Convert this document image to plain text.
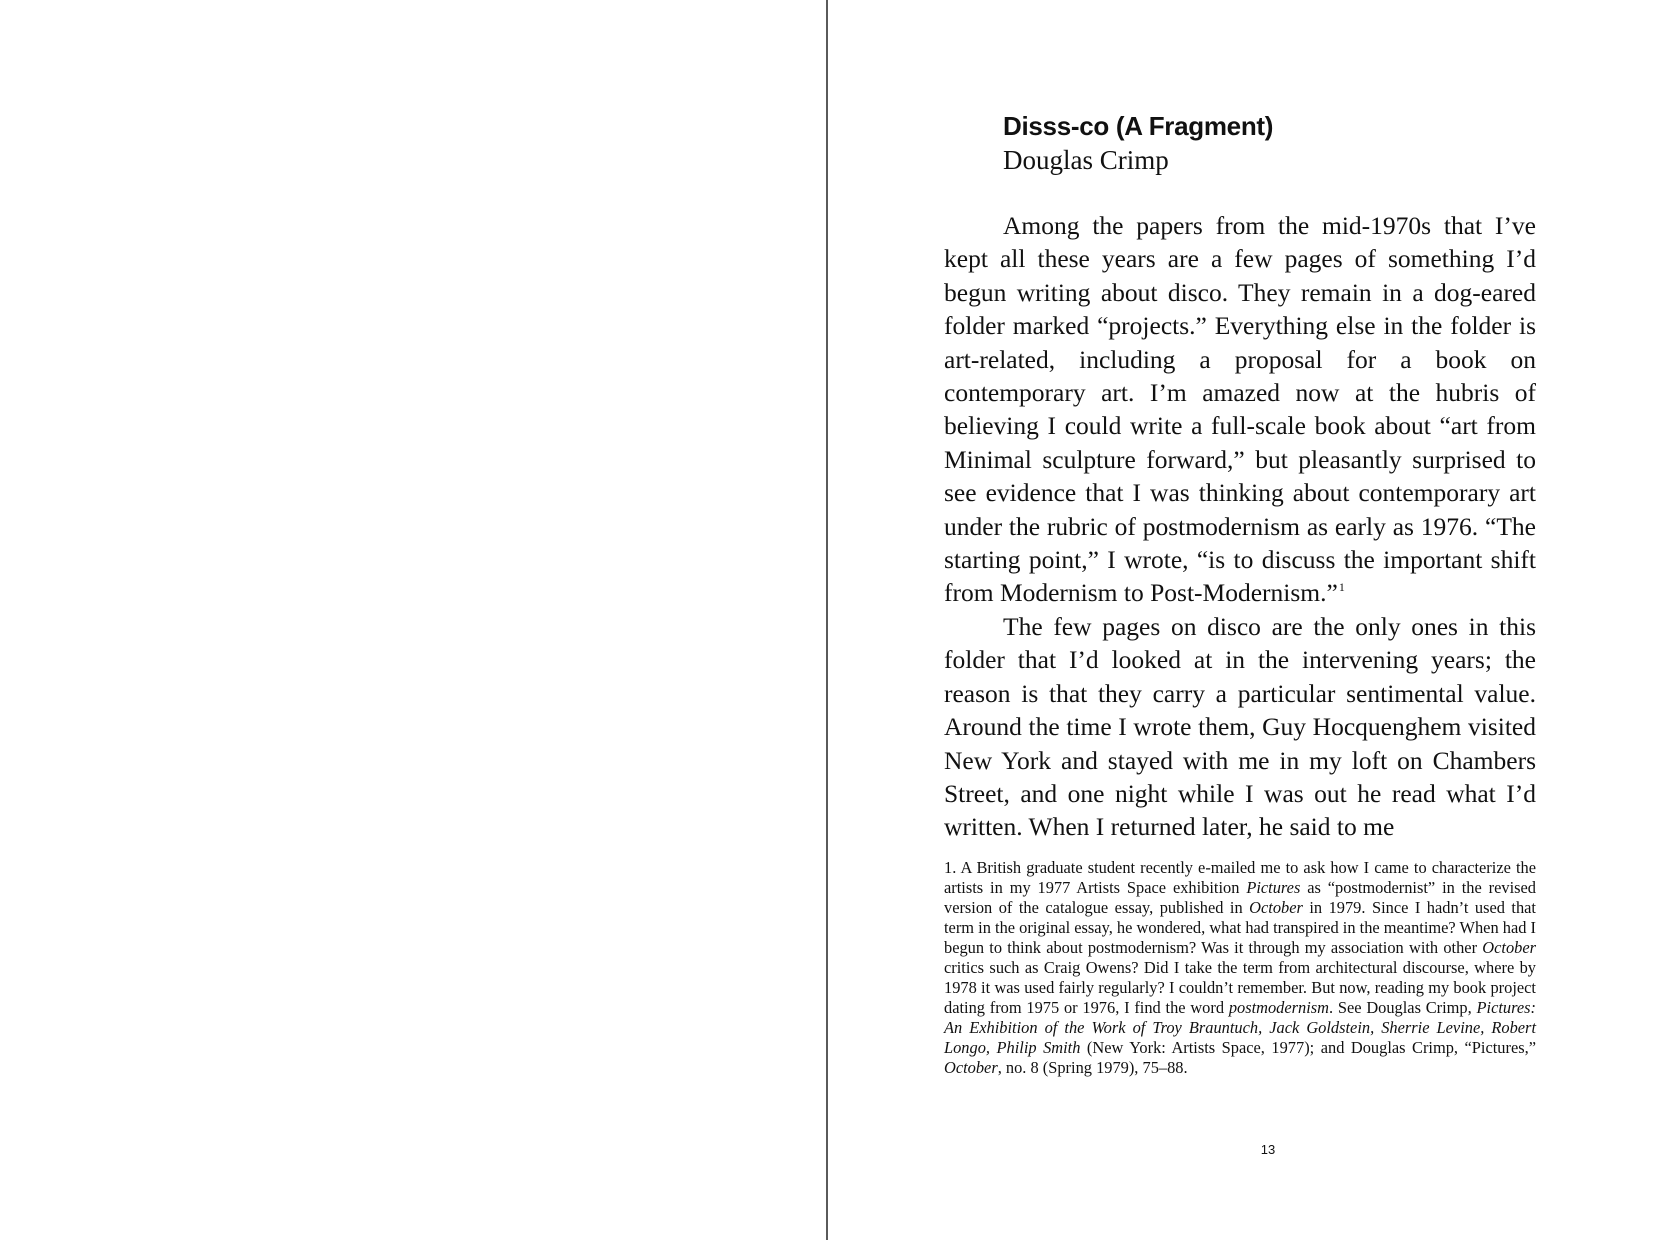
Disss-co (A Fragment)
Douglas Crimp

Among the papers from the mid-1970s that I’ve kept all these years are a few pages of something I’d begun writing about disco. They remain in a dog-eared folder marked “projects.” Everything else in the folder is art-related, including a proposal for a book on contemporary art. I’m amazed now at the hubris of believing I could write a full-scale book about “art from Minimal sculpture forward,” but pleasantly surprised to see evidence that I was thinking about contemporary art under the rubric of postmodernism as early as 1976. “The starting point,” I wrote, “is to discuss the important shift from Modernism to Post-Modernism.”$^1$

The few pages on disco are the only ones in this folder that I’d looked at in the intervening years; the reason is that they carry a particular sentimental value. Around the time I wrote them, Guy Hocquenghem visited New York and stayed with me in my loft on Chambers Street, and one night while I was out he read what I’d written. When I returned later, he said to me

1. A British graduate student recently e-mailed me to ask how I came to characterize the artists in my 1977 Artists Space exhibition Pictures as “postmodernist” in the revised version of the catalogue essay, published in October in 1979. Since I hadn’t used that term in the original essay, he wondered, what had transpired in the meantime? When had I begun to think about postmodernism? Was it through my association with other October critics such as Craig Owens? Did I take the term from architectural discourse, where by 1978 it was used fairly regularly? I couldn’t remember. But now, reading my book project dating from 1975 or 1976, I find the word postmodernism. See Douglas Crimp, Pictures: An Exhibition of the Work of Troy Brauntuch, Jack Goldstein, Sherrie Levine, Robert Longo, Philip Smith (New York: Artists Space, 1977); and Douglas Crimp, “Pictures,” October, no. 8 (Spring 1979), 75–88.

13
